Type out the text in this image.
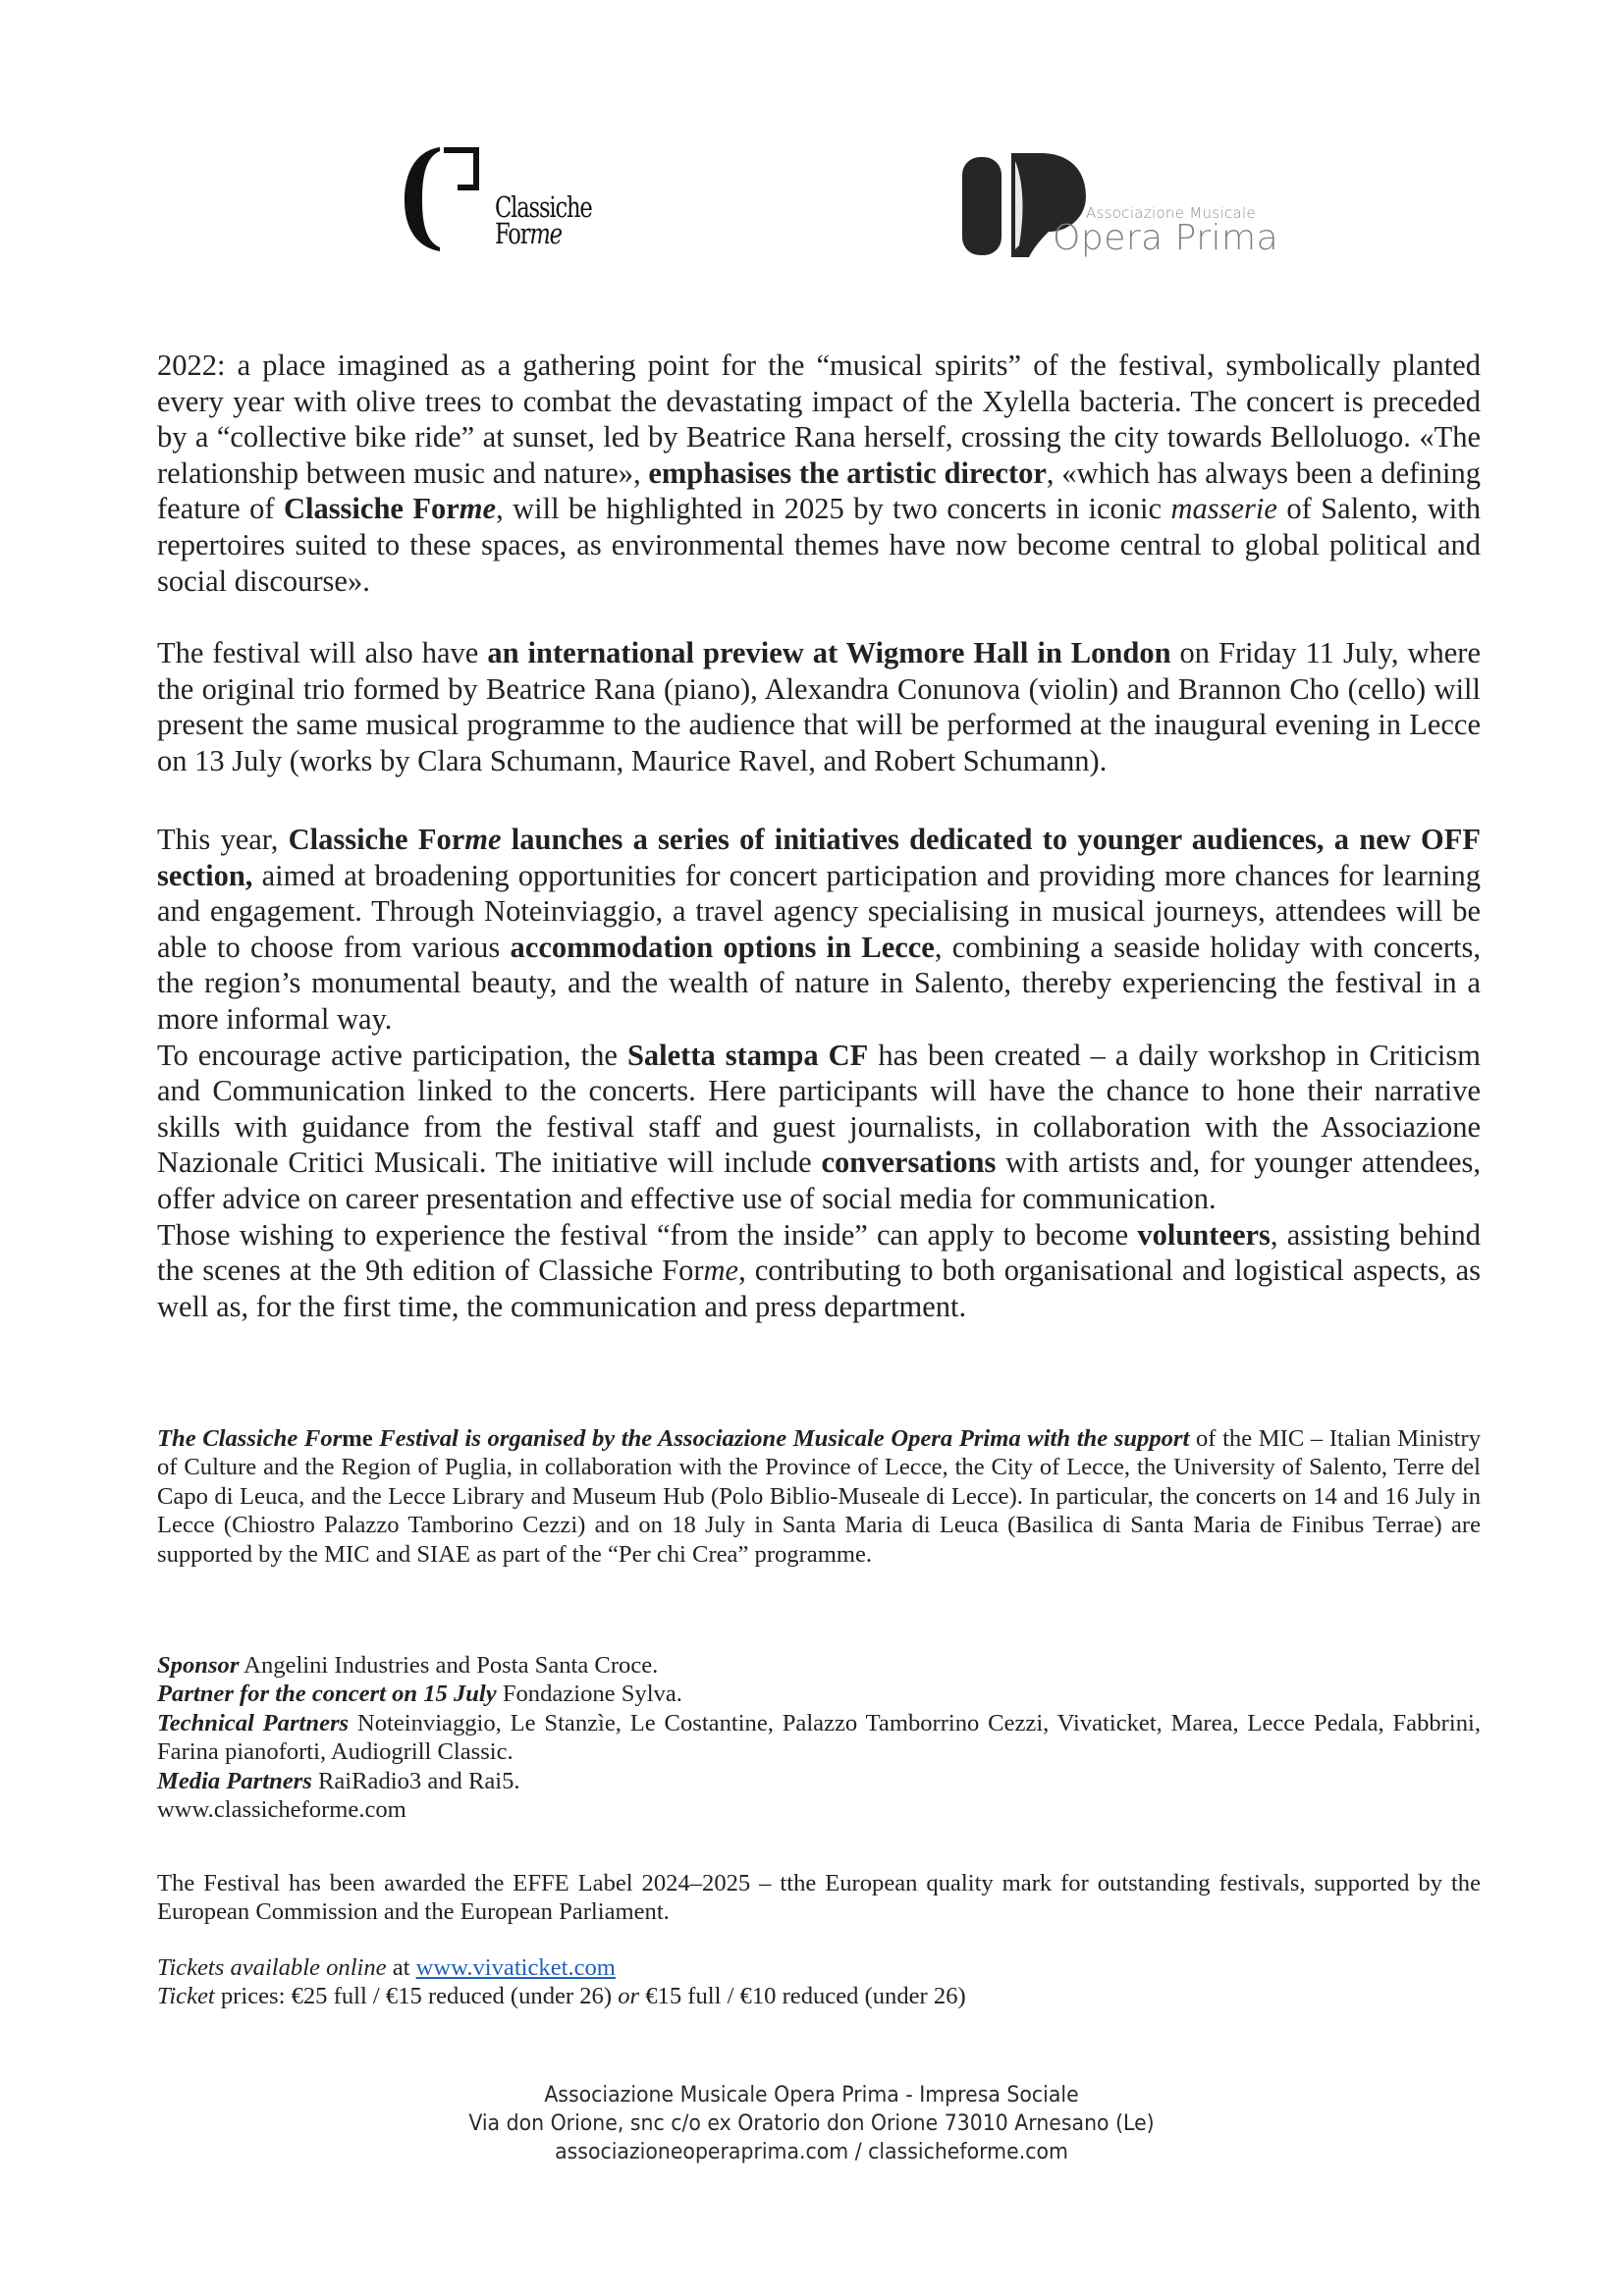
Classiche
Forme
Associazione Musicale
Opera Prima

2022: a place imagined as a gathering point for the “musical spirits” of the festival, symbolically planted every year with olive trees to combat the devastating impact of the Xylella bacteria. The concert is preceded by a “collective bike ride” at sunset, led by Beatrice Rana herself, crossing the city towards Belloluogo. «The relationship between music and nature», emphasises the artistic director, «which has always been a defining feature of Classiche Forme, will be highlighted in 2025 by two concerts in iconic masserie of Salento, with repertoires suited to these spaces, as environmental themes have now become central to global political and social discourse».

The festival will also have an international preview at Wigmore Hall in London on Friday 11 July, where the original trio formed by Beatrice Rana (piano), Alexandra Conunova (violin) and Brannon Cho (cello) will present the same musical programme to the audience that will be performed at the inaugural evening in Lecce on 13 July (works by Clara Schumann, Maurice Ravel, and Robert Schumann).

This year, Classiche Forme launches a series of initiatives dedicated to younger audiences, a new OFF section, aimed at broadening opportunities for concert participation and providing more chances for learning and engagement. Through Noteinviaggio, a travel agency specialising in musical journeys, attendees will be able to choose from various accommodation options in Lecce, combining a seaside holiday with concerts, the region’s monumental beauty, and the wealth of nature in Salento, thereby experiencing the festival in a more informal way.

To encourage active participation, the Saletta stampa CF has been created – a daily workshop in Criticism and Communication linked to the concerts. Here participants will have the chance to hone their narrative skills with guidance from the festival staff and guest journalists, in collaboration with the Associazione Nazionale Critici Musicali. The initiative will include conversations with artists and, for younger attendees, offer advice on career presentation and effective use of social media for communication.

Those wishing to experience the festival “from the inside” can apply to become volunteers, assisting behind the scenes at the 9th edition of Classiche Forme, contributing to both organisational and logistical aspects, as well as, for the first time, the communication and press department.

The Classiche Forme Festival is organised by the Associazione Musicale Opera Prima with the support of the MIC – Italian Ministry of Culture and the Region of Puglia, in collaboration with the Province of Lecce, the City of Lecce, the University of Salento, Terre del Capo di Leuca, and the Lecce Library and Museum Hub (Polo Biblio-Museale di Lecce). In particular, the concerts on 14 and 16 July in Lecce (Chiostro Palazzo Tamborino Cezzi) and on 18 July in Santa Maria di Leuca (Basilica di Santa Maria de Finibus Terrae) are supported by the MIC and SIAE as part of the “Per chi Crea” programme.

Sponsor Angelini Industries and Posta Santa Croce.

Partner for the concert on 15 July Fondazione Sylva.

Technical Partners Noteinviaggio, Le Stanzìe, Le Costantine, Palazzo Tamborrino Cezzi, Vivaticket, Marea, Lecce Pedala, Fabbrini, Farina pianoforti, Audiogrill Classic.

Media Partners RaiRadio3 and Rai5.

www.classicheforme.com

The Festival has been awarded the EFFE Label 2024–2025 – tthe European quality mark for outstanding festivals, supported by the European Commission and the European Parliament.

Tickets available online at www.vivaticket.com

Ticket prices: €25 full / €15 reduced (under 26) or €15 full / €10 reduced (under 26)

Associazione Musicale Opera Prima - Impresa Sociale
Via don Orione, snc c/o ex Oratorio don Orione 73010 Arnesano (Le)
associazioneoperaprima.com / classicheforme.com
